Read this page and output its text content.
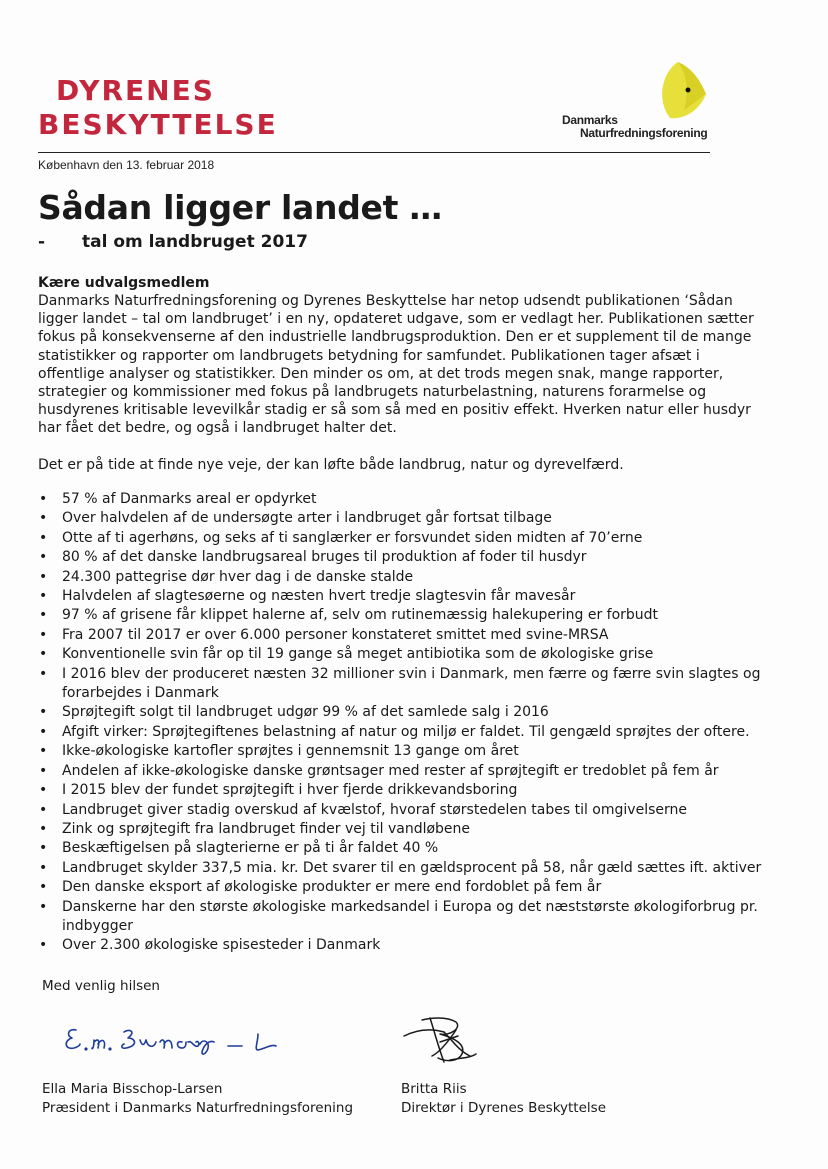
DYRENES
BESKYTTELSE	Danmarks
Naturfredningsforening
København den 13. februar 2018
Sådan ligger landet …
- tal om landbruget 2017
Kære udvalgsmedlem

Danmarks Naturfredningsforening og Dyrenes Beskyttelse har netop udsendt publikationen ‘Sådan ligger landet – tal om landbruget’ i en ny, opdateret udgave, som er vedlagt her. Publikationen sætter fokus på konsekvenserne af den industrielle landbrugsproduktion. Den er et supplement til de mange statistikker og rapporter om landbrugets betydning for samfundet. Publikationen tager afsæt i offentlige analyser og statistikker. Den minder os om, at det trods megen snak, mange rapporter, strategier og kommissioner med fokus på landbrugets naturbelastning, naturens forarmelse og husdyrenes kritisable levevilkår stadig er så som så med en positiv effekt. Hverken natur eller husdyr har fået det bedre, og også i landbruget halter det.

Det er på tide at finde nye veje, der kan løfte både landbrug, natur og dyrevelfærd.

• 57 % af Danmarks areal er opdyrket
• Over halvdelen af de undersøgte arter i landbruget går fortsat tilbage
• Otte af ti agerhøns, og seks af ti sanglærker er forsvundet siden midten af 70’erne
• 80 % af det danske landbrugsareal bruges til produktion af foder til husdyr
• 24.300 pattegrise dør hver dag i de danske stalde
• Halvdelen af slagtesøerne og næsten hvert tredje slagtesvin får mavesår
• 97 % af grisene får klippet halerne af, selv om rutinemæssig halekupering er forbudt
• Fra 2007 til 2017 er over 6.000 personer konstateret smittet med svine-MRSA
• Konventionelle svin får op til 19 gange så meget antibiotika som de økologiske grise
• I 2016 blev der produceret næsten 32 millioner svin i Danmark, men færre og færre svin slagtes og forarbejdes i Danmark
• Sprøjtegift solgt til landbruget udgør 99 % af det samlede salg i 2016
• Afgift virker: Sprøjtegiftenes belastning af natur og miljø er faldet. Til gengæld sprøjtes der oftere.
• Ikke-økologiske kartofler sprøjtes i gennemsnit 13 gange om året
• Andelen af ikke-økologiske danske grøntsager med rester af sprøjtegift er tredoblet på fem år
• I 2015 blev der fundet sprøjtegift i hver fjerde drikkevandsboring
• Landbruget giver stadig overskud af kvælstof, hvoraf størstedelen tabes til omgivelserne
• Zink og sprøjtegift fra landbruget finder vej til vandløbene
• Beskæftigelsen på slagterierne er på ti år faldet 40 %
• Landbruget skylder 337,5 mia. kr. Det svarer til en gældsprocent på 58, når gæld sættes ift. aktiver
• Den danske eksport af økologiske produkter er mere end fordoblet på fem år
• Danskerne har den største økologiske markedsandel i Europa og det næststørste økologiforbrug pr. indbygger
• Over 2.300 økologiske spisesteder i Danmark
Med venlig hilsen
Ella Maria Bisschop-Larsen
Præsident i Danmarks Naturfredningsforening
Britta Riis
Direktør i Dyrenes Beskyttelse
